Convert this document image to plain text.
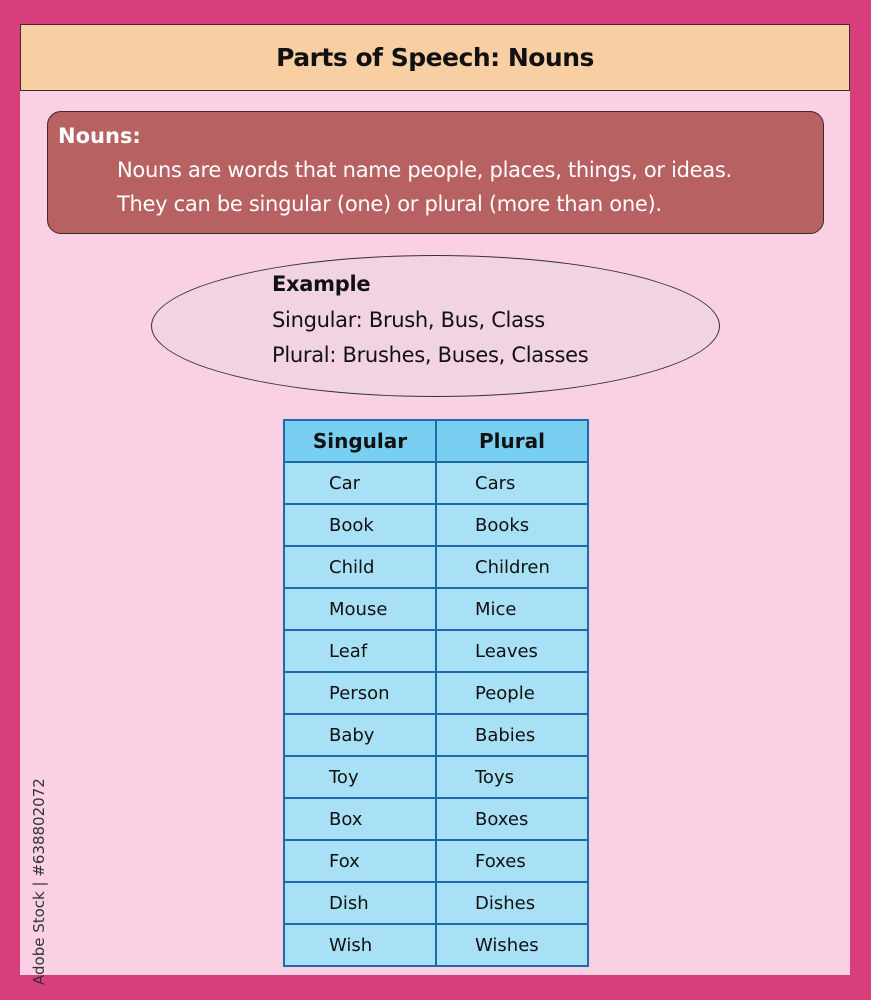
Parts of Speech: Nouns
Nouns:
Nouns are words that name people, places, things, or ideas.
They can be singular (one) or plural (more than one).
Example
Singular: Brush, Bus, Class
Plural: Brushes, Buses, Classes
Singular	Plural
Car	Cars
Book	Books
Child	Children
Mouse	Mice
Leaf	Leaves
Person	People
Baby	Babies
Toy	Toys
Box	Boxes
Fox	Foxes
Dish	Dishes
Wish	Wishes
Adobe Stock | #638802072
